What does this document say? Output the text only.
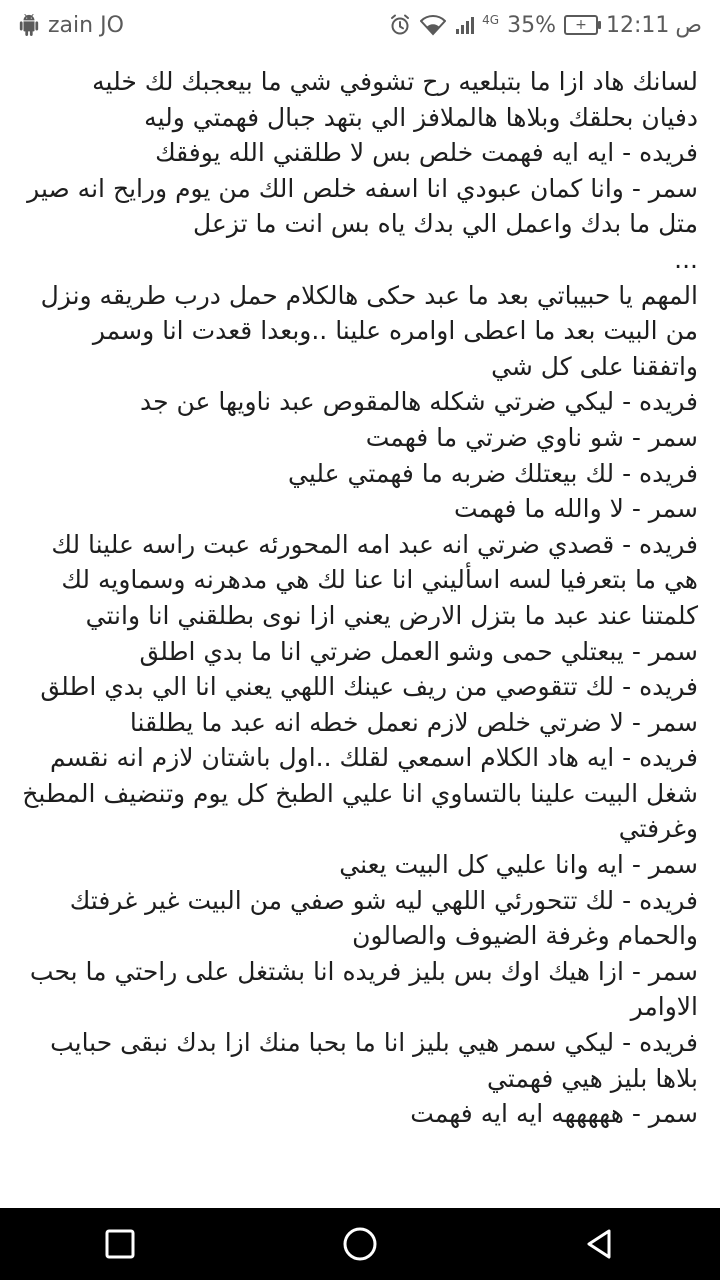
4G 35%	+ 12:11 ص
zain JO

لسانك هاد ازا ما بتبلعيه رح تشوفي شي ما بيعجبك لك خليه

دفيان بحلقك وبلاها هالملافز الي بتهد جبال فهمتي وليه

فريده - ايه ايه فهمت خلص بس لا طلقني الله يوفقك

سمر - وانا كمان عبودي انا اسفه خلص الك من يوم ورايح انه صير متل ما بدك واعمل الي بدك ياه بس انت ما تزعل

...

المهم يا حبيباتي بعد ما عبد حكى هالكلام حمل درب طريقه ونزل من البيت بعد ما اعطى اوامره علينا ..وبعدا قعدت انا وسمر واتفقنا على كل شي

فريده - ليكي ضرتي شكله هالمقوص عبد ناويها عن جد

سمر - شو ناوي ضرتي ما فهمت

فريده - لك بيعتلك ضربه ما فهمتي عليي

سمر - لا والله ما فهمت

فريده - قصدي ضرتي انه عبد امه المحورئه عبت راسه علينا لك هي ما بتعرفيا لسه اسأليني انا عنا لك هي مدهرنه وسماويه لك كلمتنا عند عبد ما بتزل الارض يعني ازا نوى بطلقني انا وانتي

سمر - يبعتلي حمى وشو العمل ضرتي انا ما بدي اطلق

فريده - لك تتقوصي من ريف عينك اللهي يعني انا الي بدي اطلق

سمر - لا ضرتي خلص لازم نعمل خطه انه عبد ما يطلقنا

فريده - ايه هاد الكلام اسمعي لقلك ..اول باشتان لازم انه نقسم شغل البيت علينا بالتساوي انا عليي الطبخ كل يوم وتنضيف المطبخ وغرفتي

سمر - ايه وانا عليي كل البيت يعني

فريده - لك تتحورئي اللهي ليه شو صفي من البيت غير غرفتك والحمام وغرفة الضيوف والصالون

سمر - ازا هيك اوك بس بليز فريده انا بشتغل على راحتي ما بحب الاوامر

فريده - ليكي سمر هيي بليز انا ما بحبا منك ازا بدك نبقى حبايب بلاها بليز هيي فهمتي

سمر - هههههه ايه ايه فهمت
